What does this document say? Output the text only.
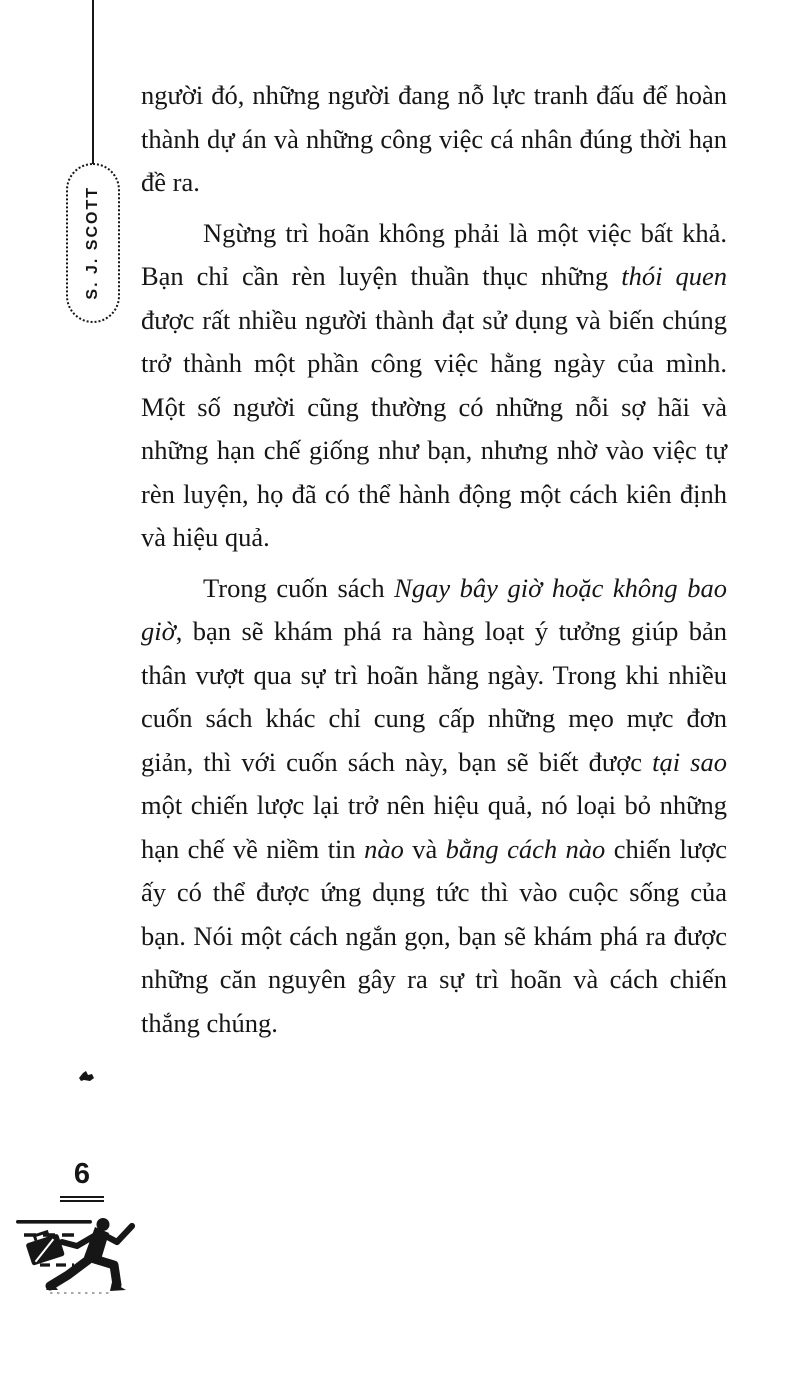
S. J. SCOTT

người đó, những người đang nỗ lực tranh đấu để hoàn thành dự án và những công việc cá nhân đúng thời hạn đề ra.

Ngừng trì hoãn không phải là một việc bất khả. Bạn chỉ cần rèn luyện thuần thục những thói quen được rất nhiều người thành đạt sử dụng và biến chúng trở thành một phần công việc hằng ngày của mình. Một số người cũng thường có những nỗi sợ hãi và những hạn chế giống như bạn, nhưng nhờ vào việc tự rèn luyện, họ đã có thể hành động một cách kiên định và hiệu quả.

Trong cuốn sách Ngay bây giờ hoặc không bao giờ, bạn sẽ khám phá ra hàng loạt ý tưởng giúp bản thân vượt qua sự trì hoãn hằng ngày. Trong khi nhiều cuốn sách khác chỉ cung cấp những mẹo mực đơn giản, thì với cuốn sách này, bạn sẽ biết được tại sao một chiến lược lại trở nên hiệu quả, nó loại bỏ những hạn chế về niềm tin nào và bằng cách nào chiến lược ấy có thể được ứng dụng tức thì vào cuộc sống của bạn. Nói một cách ngắn gọn, bạn sẽ khám phá ra được những căn nguyên gây ra sự trì hoãn và cách chiến thắng chúng.

6
